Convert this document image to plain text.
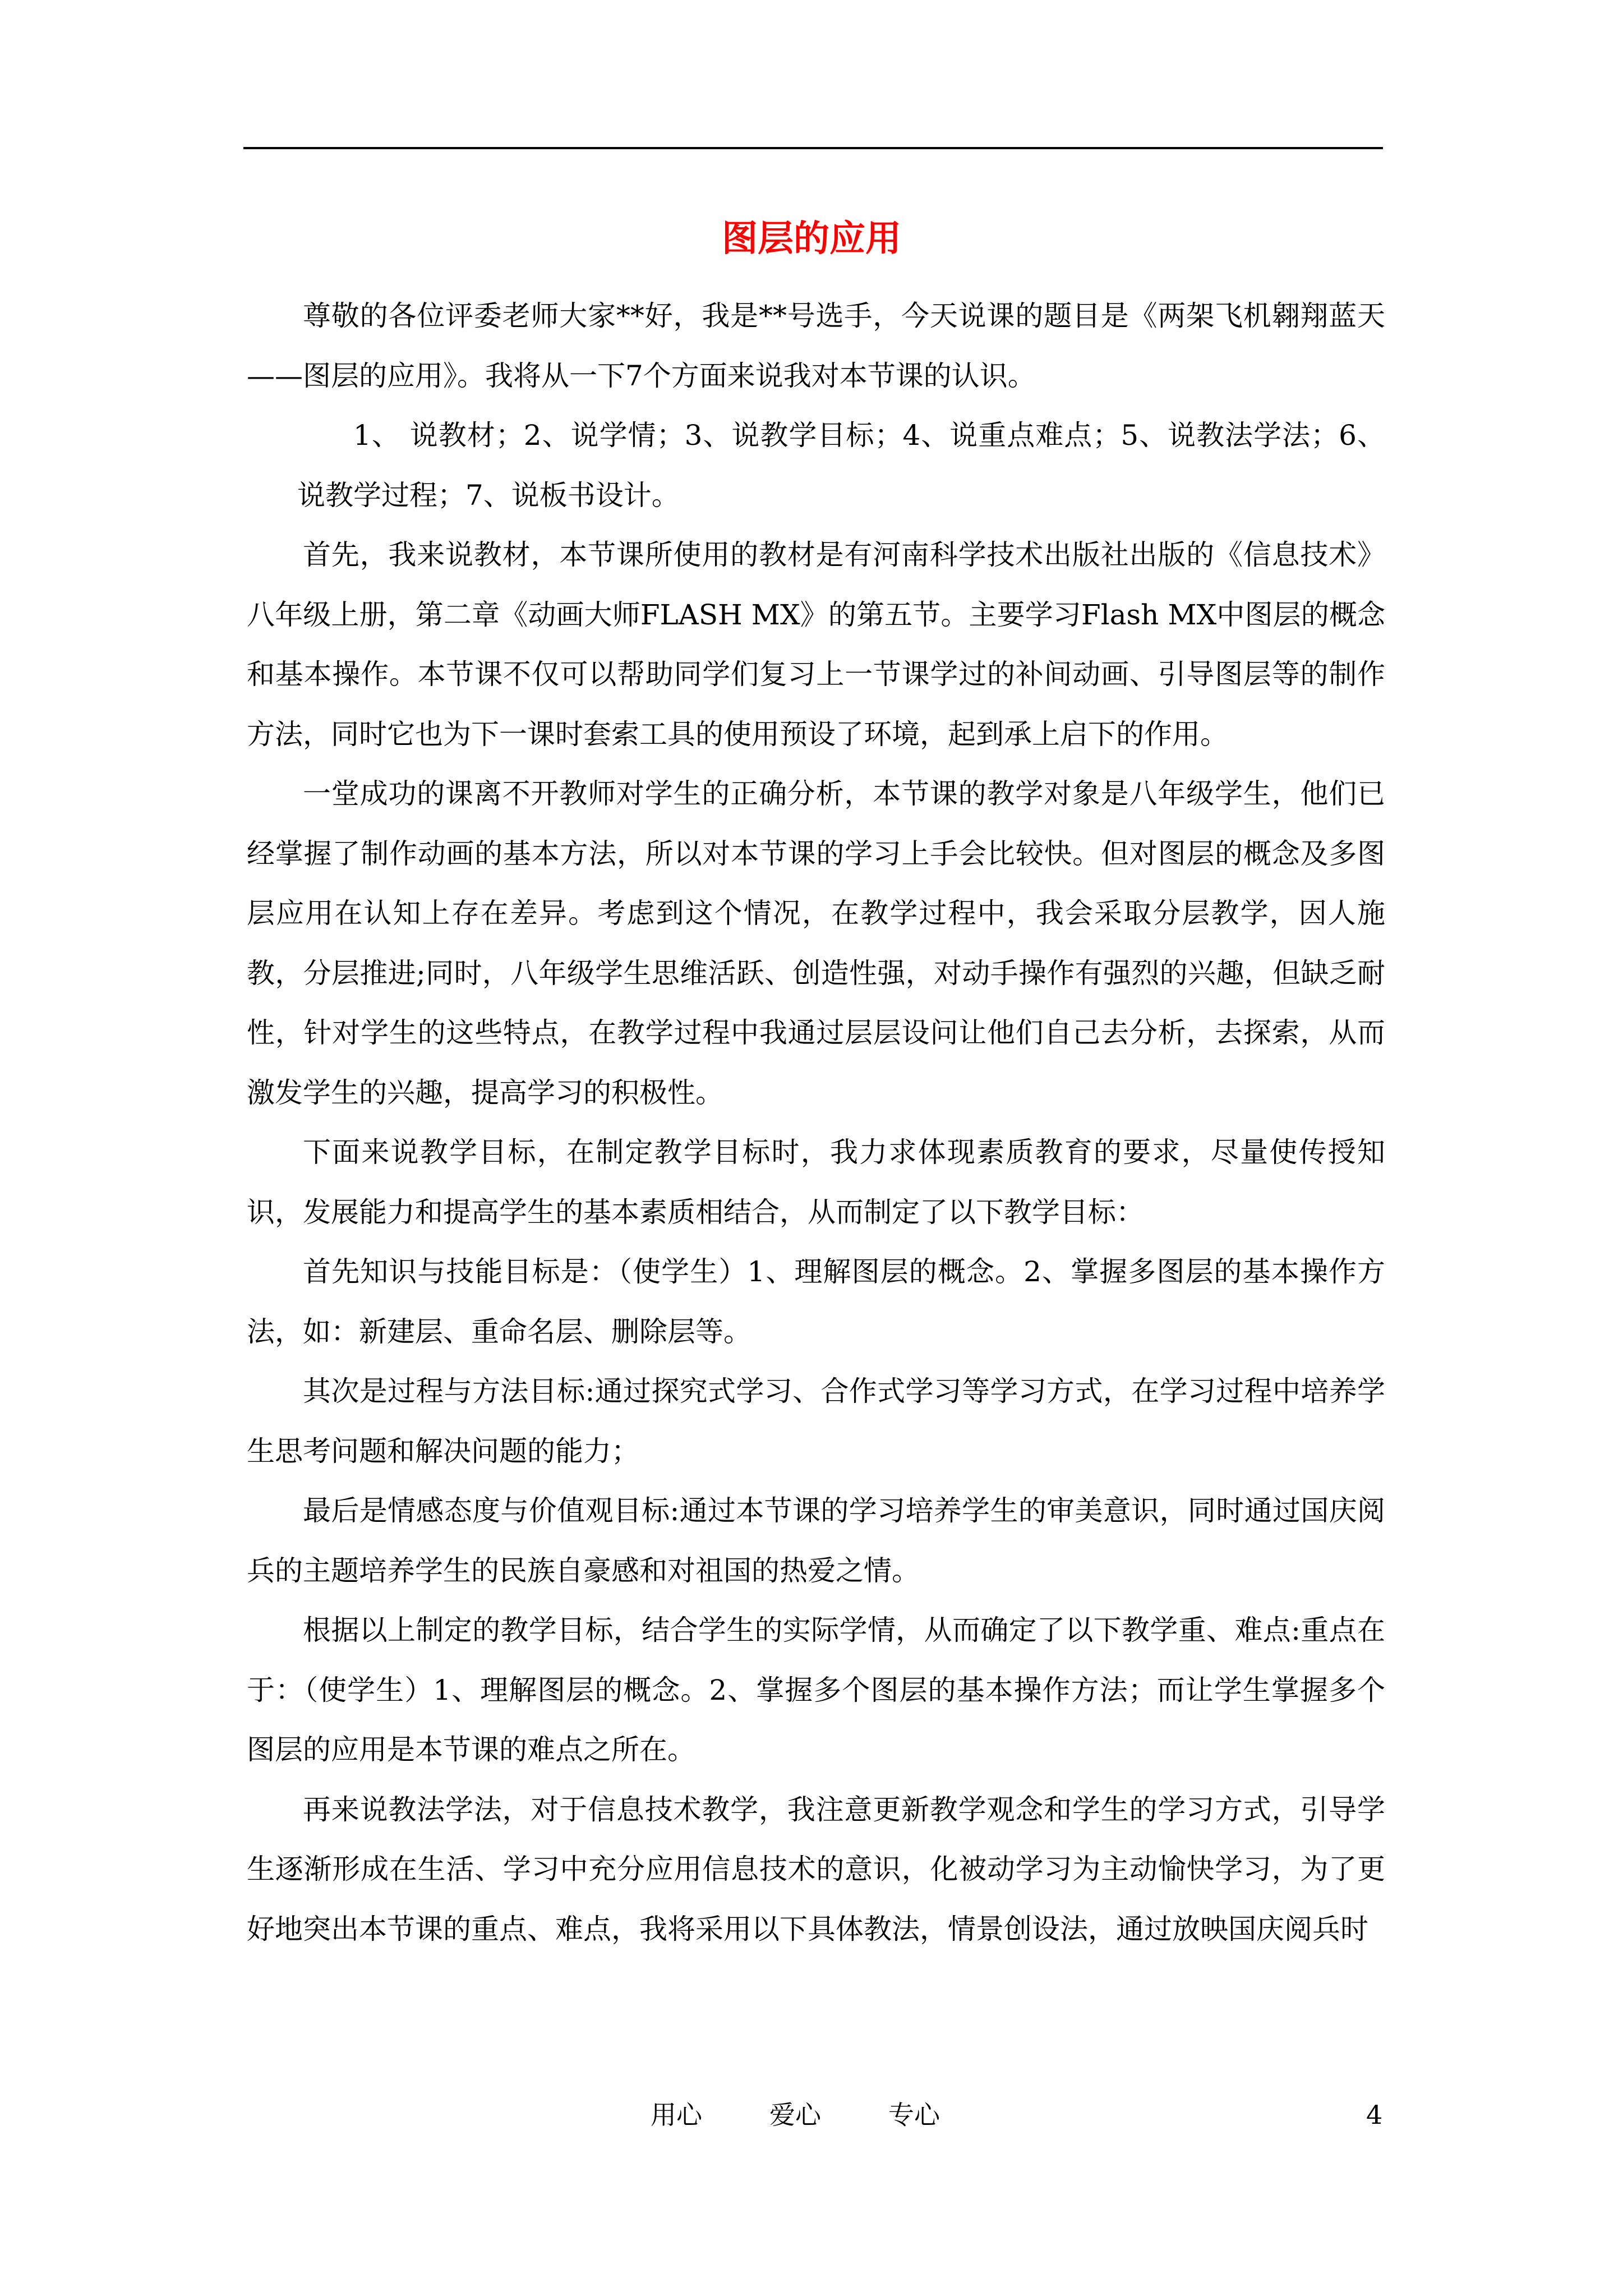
图层的应用

尊敬的各位评委老师大家**好，我是**号选手，今天说课的题目是《两架飞机翱翔蓝天——图层的应用》。我将从一下7个方面来说我对本节课的认识。

1、 说教材；2、说学情；3、说教学目标；4、说重点难点；5、说教法学法；6、说教学过程；7、说板书设计。

首先，我来说教材，本节课所使用的教材是有河南科学技术出版社出版的《信息技术》八年级上册，第二章《动画大师FLASH MX》的第五节。主要学习Flash MX中图层的概念和基本操作。本节课不仅可以帮助同学们复习上一节课学过的补间动画、引导图层等的制作方法，同时它也为下一课时套索工具的使用预设了环境，起到承上启下的作用。

一堂成功的课离不开教师对学生的正确分析，本节课的教学对象是八年级学生，他们已经掌握了制作动画的基本方法，所以对本节课的学习上手会比较快。但对图层的概念及多图层应用在认知上存在差异。考虑到这个情况，在教学过程中，我会采取分层教学，因人施教，分层推进;同时，八年级学生思维活跃、创造性强，对动手操作有强烈的兴趣，但缺乏耐性，针对学生的这些特点，在教学过程中我通过层层设问让他们自己去分析，去探索，从而激发学生的兴趣，提高学习的积极性。

下面来说教学目标，在制定教学目标时，我力求体现素质教育的要求，尽量使传授知识，发展能力和提高学生的基本素质相结合，从而制定了以下教学目标：

首先知识与技能目标是：（使学生）1、理解图层的概念。2、掌握多图层的基本操作方法，如：新建层、重命名层、删除层等。

其次是过程与方法目标:通过探究式学习、合作式学习等学习方式，在学习过程中培养学生思考问题和解决问题的能力；

最后是情感态度与价值观目标:通过本节课的学习培养学生的审美意识，同时通过国庆阅兵的主题培养学生的民族自豪感和对祖国的热爱之情。

根据以上制定的教学目标，结合学生的实际学情，从而确定了以下教学重、难点:重点在于：（使学生）1、理解图层的概念。2、掌握多个图层的基本操作方法；而让学生掌握多个图层的应用是本节课的难点之所在。

再来说教法学法，对于信息技术教学，我注意更新教学观念和学生的学习方式，引导学生逐渐形成在生活、学习中充分应用信息技术的意识，化被动学习为主动愉快学习，为了更好地突出本节课的重点、难点，我将采用以下具体教法，情景创设法，通过放映国庆阅兵时

用心	爱心	专心	4
